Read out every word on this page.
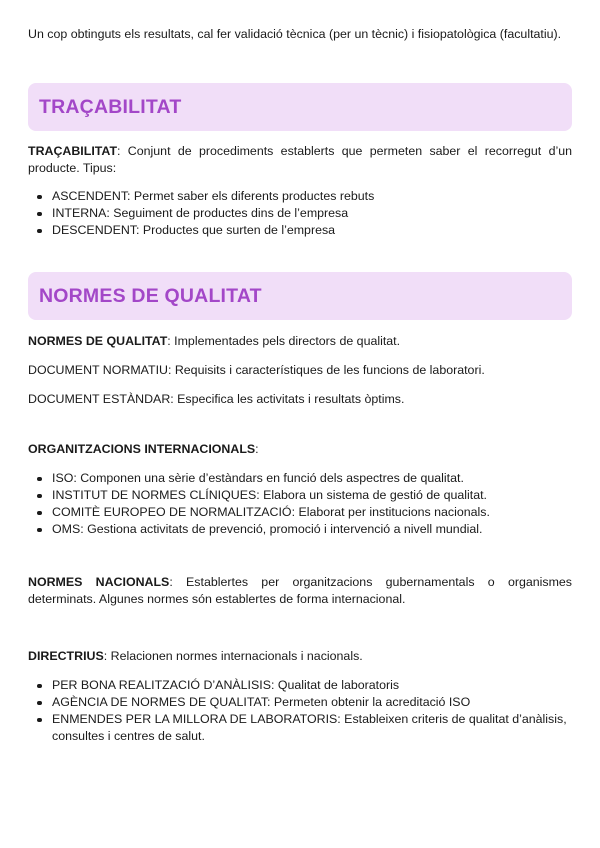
Un cop obtinguts els resultats, cal fer validació tècnica (per un tècnic) i fisiopatològica (facultatiu).

TRAÇABILITAT

TRAÇABILITAT: Conjunt de procediments establerts que permeten saber el recorregut d’un producte. Tipus:

ASCENDENT: Permet saber els diferents productes rebuts
INTERNA: Seguiment de productes dins de l’empresa
DESCENDENT: Productes que surten de l’empresa
NORMES DE QUALITAT

NORMES DE QUALITAT: Implementades pels directors de qualitat.

DOCUMENT NORMATIU: Requisits i característiques de les funcions de laboratori.

DOCUMENT ESTÀNDAR: Especifica les activitats i resultats òptims.

ORGANITZACIONS INTERNACIONALS:

ISO: Componen una sèrie d’estàndars en funció dels aspectres de qualitat.
INSTITUT DE NORMES CLÍNIQUES: Elabora un sistema de gestió de qualitat.
COMITÈ EUROPEO DE NORMALITZACIÓ: Elaborat per institucions nacionals.
OMS: Gestiona activitats de prevenció, promoció i intervenció a nivell mundial.

NORMES NACIONALS: Establertes per organitzacions gubernamentals o organismes determinats. Algunes normes són establertes de forma internacional.

DIRECTRIUS: Relacionen normes internacionals i nacionals.

PER BONA REALITZACIÓ D’ANÀLISIS: Qualitat de laboratoris
AGÈNCIA DE NORMES DE QUALITAT: Permeten obtenir la acreditació ISO
ENMENDES PER LA MILLORA DE LABORATORIS: Estableixen criteris de qualitat d’anàlisis, consultes i centres de salut.
